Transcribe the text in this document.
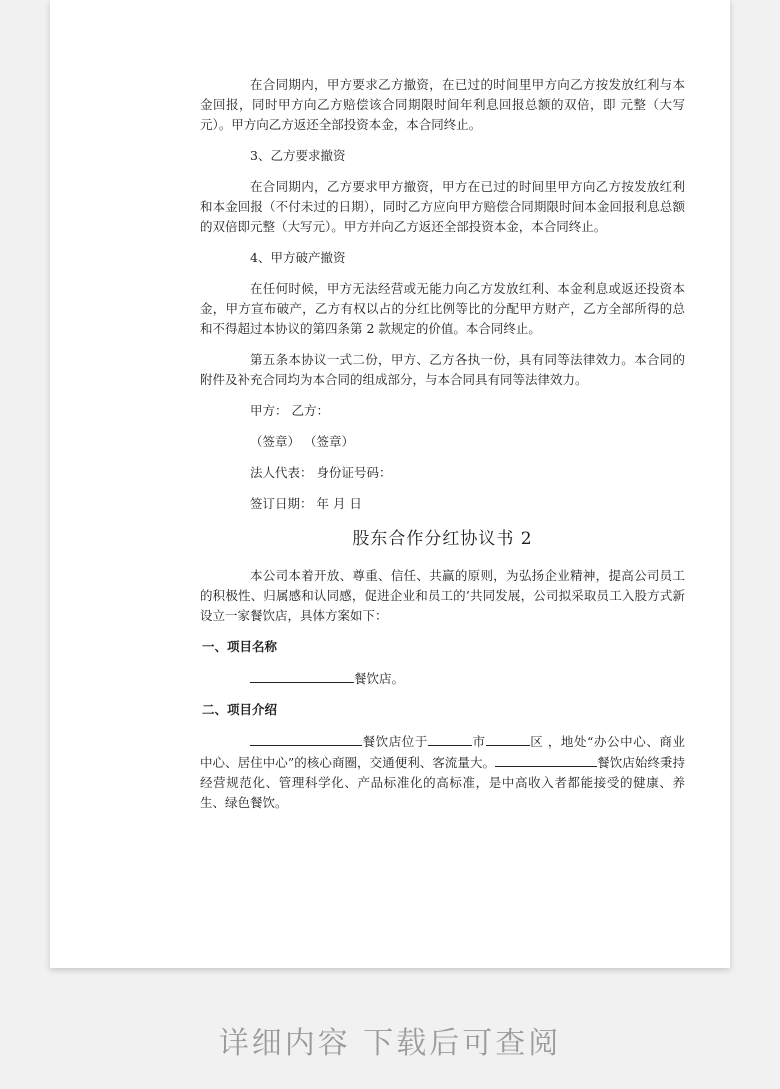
在合同期内，甲方要求乙方撤资，在已过的时间里甲方向乙方按发放红利与本金回报，同时甲方向乙方赔偿该合同期限时间年利息回报总额的双倍，即 元整（大写元）。甲方向乙方返还全部投资本金，本合同终止。

3、乙方要求撤资

在合同期内，乙方要求甲方撤资，甲方在已过的时间里甲方向乙方按发放红利和本金回报（不付未过的日期），同时乙方应向甲方赔偿合同期限时间本金回报利息总额的双倍即元整（大写元）。甲方并向乙方返还全部投资本金，本合同终止。

4、甲方破产撤资

在任何时候，甲方无法经营或无能力向乙方发放红利、本金利息或返还投资本金，甲方宣布破产，乙方有权以占的分红比例等比的分配甲方财产，乙方全部所得的总和不得超过本协议的第四条第 2 款规定的价值。本合同终止。

第五条本协议一式二份，甲方、乙方各执一份，具有同等法律效力。本合同的附件及补充合同均为本合同的组成部分，与本合同具有同等法律效力。

甲方： 乙方：

（签章） （签章）

法人代表： 身份证号码：

签订日期： 年 月 日

股东合作分红协议书 2

本公司本着开放、尊重、信任、共赢的原则，为弘扬企业精神，提高公司员工的积极性、归属感和认同感，促进企业和员工的’共同发展，公司拟采取员工入股方式新设立一家餐饮店，具体方案如下：

一、项目名称

餐饮店。

二、项目介绍

餐饮店位于	市	区 ，地处“办公中心、商业中心、居住中心”的核心商圈，交通便利、客流量大。	餐饮店始终秉持经营规范化、管理科学化、产品标准化的高标准，是中高收入者都能接受的健康、养生、绿色餐饮。

详细内容 下载后可查阅
